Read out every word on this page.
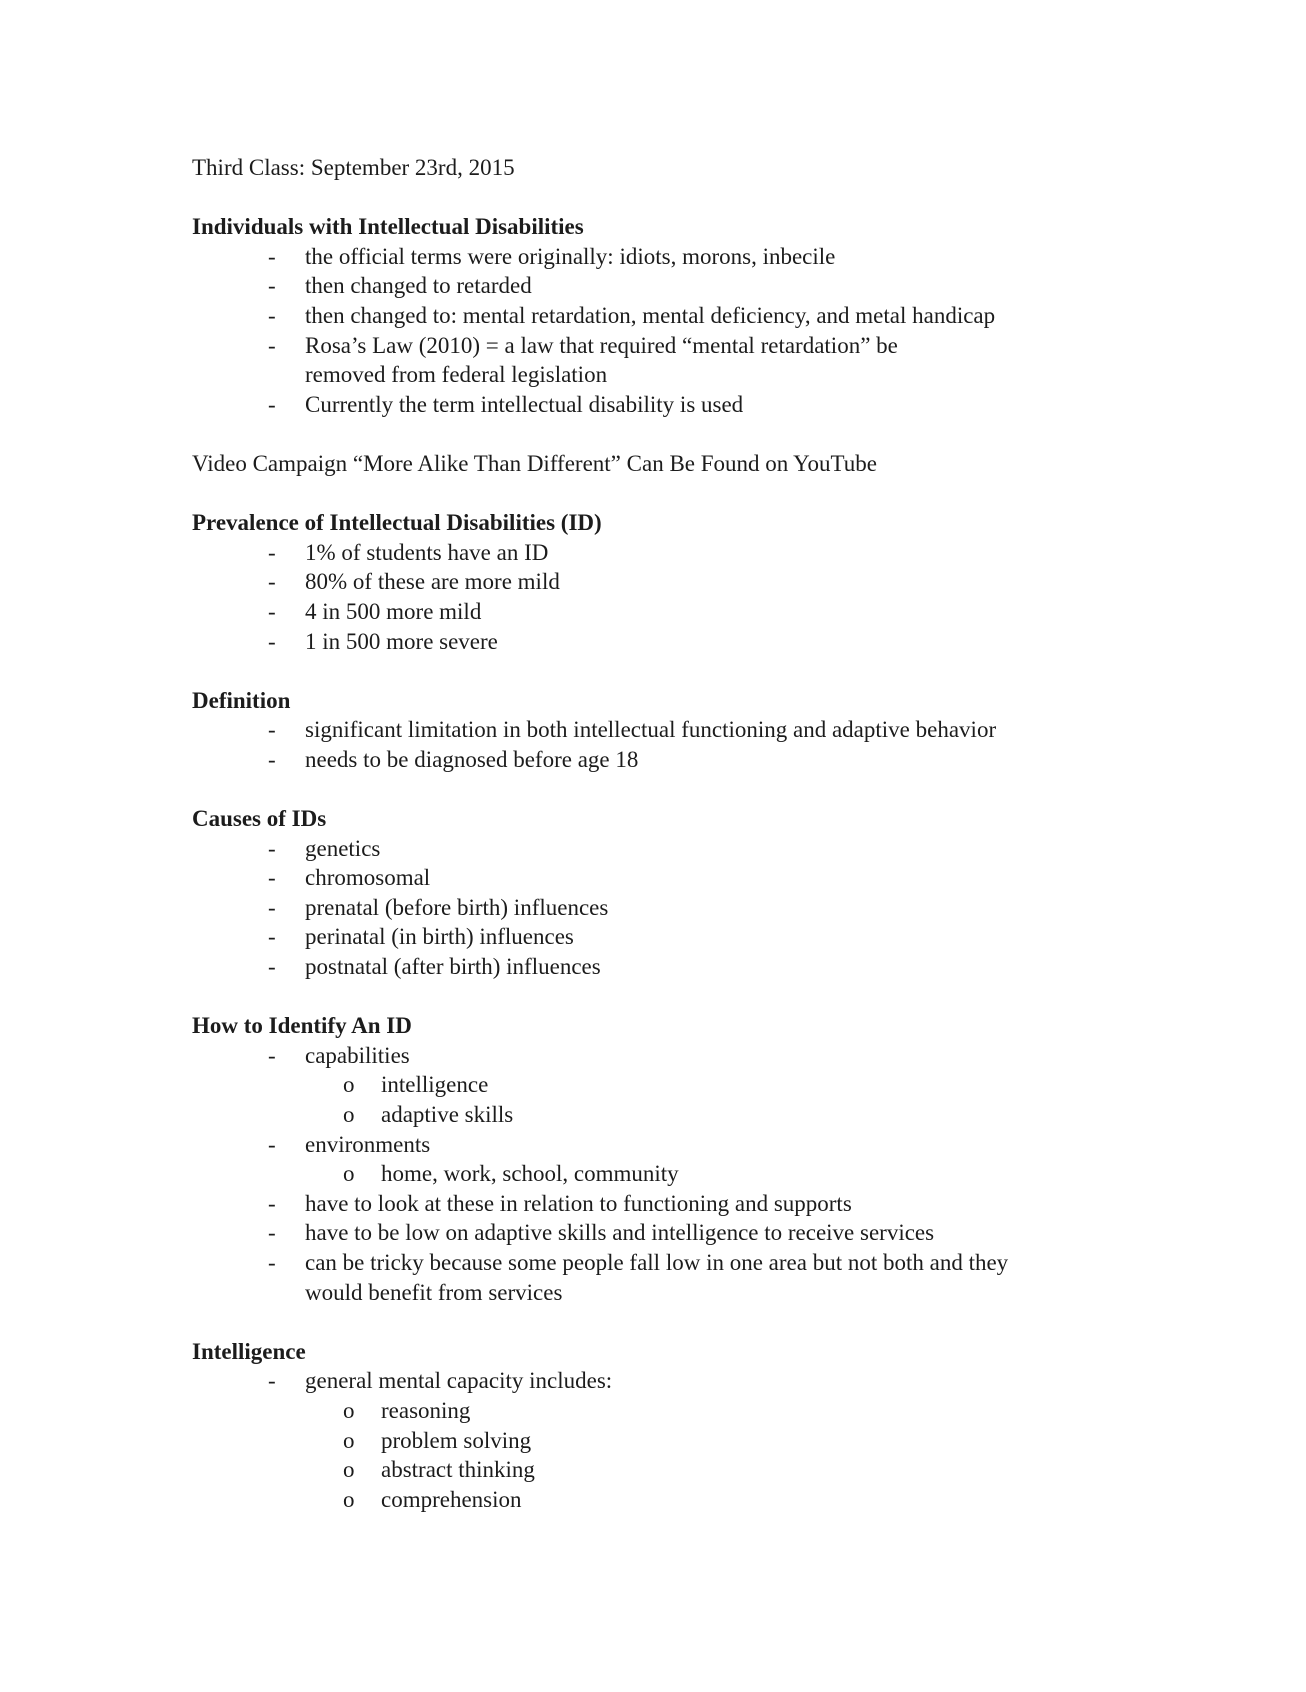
Third Class: September 23rd, 2015

Individuals with Intellectual Disabilities

- the official terms were originally: idiots, morons, inbecile
- then changed to retarded
- then changed to: mental retardation, mental deficiency, and metal handicap
- Rosa’s Law (2010) = a law that required “mental retardation” be removed from federal legislation
- Currently the term intellectual disability is used

Video Campaign “More Alike Than Different” Can Be Found on YouTube

Prevalence of Intellectual Disabilities (ID)

- 1% of students have an ID
- 80% of these are more mild
- 4 in 500 more mild
- 1 in 500 more severe

Definition

- significant limitation in both intellectual functioning and adaptive behavior
- needs to be diagnosed before age 18

Causes of IDs

- genetics
- chromosomal
- prenatal (before birth) influences
- perinatal (in birth) influences
- postnatal (after birth) influences

How to Identify An ID

- capabilities
o intelligence
o adaptive skills
- environments
o home, work, school, community
- have to look at these in relation to functioning and supports
- have to be low on adaptive skills and intelligence to receive services
- can be tricky because some people fall low in one area but not both and they would benefit from services

Intelligence

- general mental capacity includes:
o reasoning
o problem solving
o abstract thinking
o comprehension
